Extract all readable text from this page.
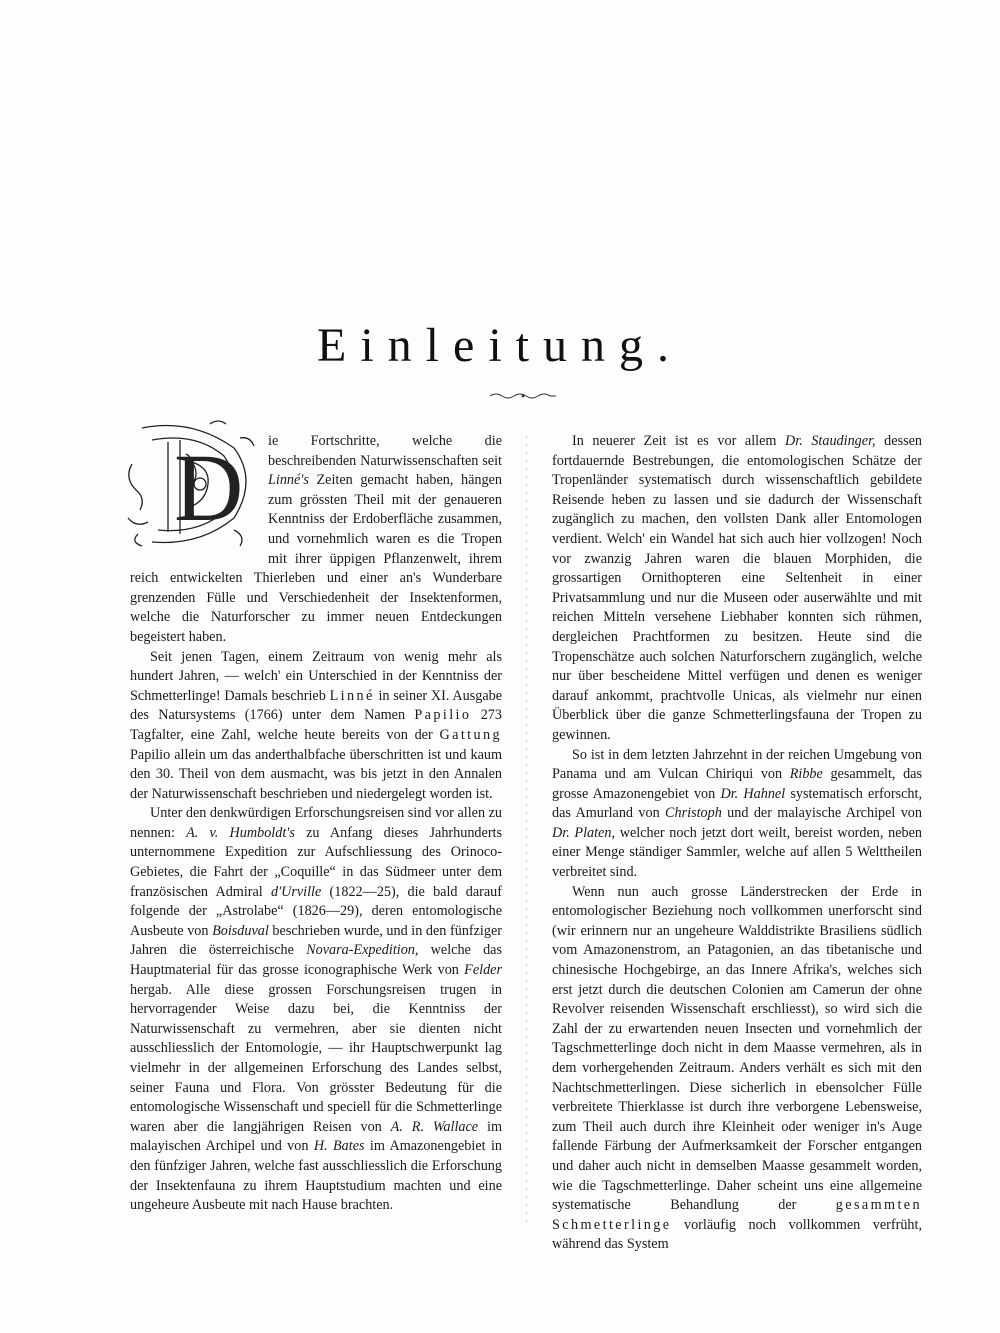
Einleitung.

D ie Fortschritte, welche die beschreibenden Naturwissenschaften seit Linné's Zeiten gemacht haben, hängen zum grössten Theil mit der genaueren Kenntniss der Erdoberfläche zusammen, und vornehmlich waren es die Tropen mit ihrer üppigen Pflanzenwelt, ihrem reich entwickelten Thierleben und einer an's Wunderbare grenzenden Fülle und Verschiedenheit der Insektenformen, welche die Naturforscher zu immer neuen Entdeckungen begeistert haben.

Seit jenen Tagen, einem Zeitraum von wenig mehr als hundert Jahren, — welch' ein Unterschied in der Kenntniss der Schmetterlinge! Damals beschrieb Linné in seiner XI. Ausgabe des Natursystems (1766) unter dem Namen Papilio 273 Tagfalter, eine Zahl, welche heute bereits von der Gattung Papilio allein um das anderthalbfache überschritten ist und kaum den 30. Theil von dem ausmacht, was bis jetzt in den Annalen der Naturwissenschaft beschrieben und niedergelegt worden ist.

Unter den denkwürdigen Erforschungsreisen sind vor allen zu nennen: A. v. Humboldt's zu Anfang dieses Jahrhunderts unternommene Expedition zur Aufschliessung des Orinoco-Gebietes, die Fahrt der „Coquille“ in das Südmeer unter dem französischen Admiral d'Urville (1822—25), die bald darauf folgende der „Astrolabe“ (1826—29), deren entomologische Ausbeute von Boisduval beschrieben wurde, und in den fünfziger Jahren die österreichische Novara-Expedition, welche das Hauptmaterial für das grosse iconographische Werk von Felder hergab. Alle diese grossen Forschungsreisen trugen in hervorragender Weise dazu bei, die Kenntniss der Naturwissenschaft zu vermehren, aber sie dienten nicht ausschliesslich der Entomologie, — ihr Hauptschwerpunkt lag vielmehr in der allgemeinen Erforschung des Landes selbst, seiner Fauna und Flora. Von grösster Bedeutung für die entomologische Wissenschaft und speciell für die Schmetterlinge waren aber die langjährigen Reisen von A. R. Wallace im malayischen Archipel und von H. Bates im Amazonengebiet in den fünfziger Jahren, welche fast ausschliesslich die Erforschung der Insektenfauna zu ihrem Hauptstudium machten und eine ungeheure Ausbeute mit nach Hause brachten.

In neuerer Zeit ist es vor allem Dr. Staudinger, dessen fortdauernde Bestrebungen, die entomologischen Schätze der Tropenländer systematisch durch wissenschaftlich gebildete Reisende heben zu lassen und sie dadurch der Wissenschaft zugänglich zu machen, den vollsten Dank aller Entomologen verdient. Welch' ein Wandel hat sich auch hier vollzogen! Noch vor zwanzig Jahren waren die blauen Morphiden, die grossartigen Ornithopteren eine Seltenheit in einer Privatsammlung und nur die Museen oder auserwählte und mit reichen Mitteln versehene Liebhaber konnten sich rühmen, dergleichen Prachtformen zu besitzen. Heute sind die Tropenschätze auch solchen Naturforschern zugänglich, welche nur über bescheidene Mittel verfügen und denen es weniger darauf ankommt, prachtvolle Unicas, als vielmehr nur einen Überblick über die ganze Schmetterlingsfauna der Tropen zu gewinnen.

So ist in dem letzten Jahrzehnt in der reichen Umgebung von Panama und am Vulcan Chiriqui von Ribbe gesammelt, das grosse Amazonengebiet von Dr. Hahnel systematisch erforscht, das Amurland von Christoph und der malayische Archipel von Dr. Platen, welcher noch jetzt dort weilt, bereist worden, neben einer Menge ständiger Sammler, welche auf allen 5 Welttheilen verbreitet sind.

Wenn nun auch grosse Länderstrecken der Erde in entomologischer Beziehung noch vollkommen unerforscht sind (wir erinnern nur an ungeheure Walddistrikte Brasiliens südlich vom Amazonenstrom, an Patagonien, an das tibetanische und chinesische Hochgebirge, an das Innere Afrika's, welches sich erst jetzt durch die deutschen Colonien am Camerun der ohne Revolver reisenden Wissenschaft erschliesst), so wird sich die Zahl der zu erwartenden neuen Insecten und vornehmlich der Tagschmetterlinge doch nicht in dem Maasse vermehren, als in dem vorhergehenden Zeitraum. Anders verhält es sich mit den Nachtschmetterlingen. Diese sicherlich in ebensolcher Fülle verbreitete Thierklasse ist durch ihre verborgene Lebensweise, zum Theil auch durch ihre Kleinheit oder weniger in's Auge fallende Färbung der Aufmerksamkeit der Forscher entgangen und daher auch nicht in demselben Maasse gesammelt worden, wie die Tagschmetterlinge. Daher scheint uns eine allgemeine systematische Behandlung der gesammten Schmetterlinge vorläufig noch vollkommen verfrüht, während das System
